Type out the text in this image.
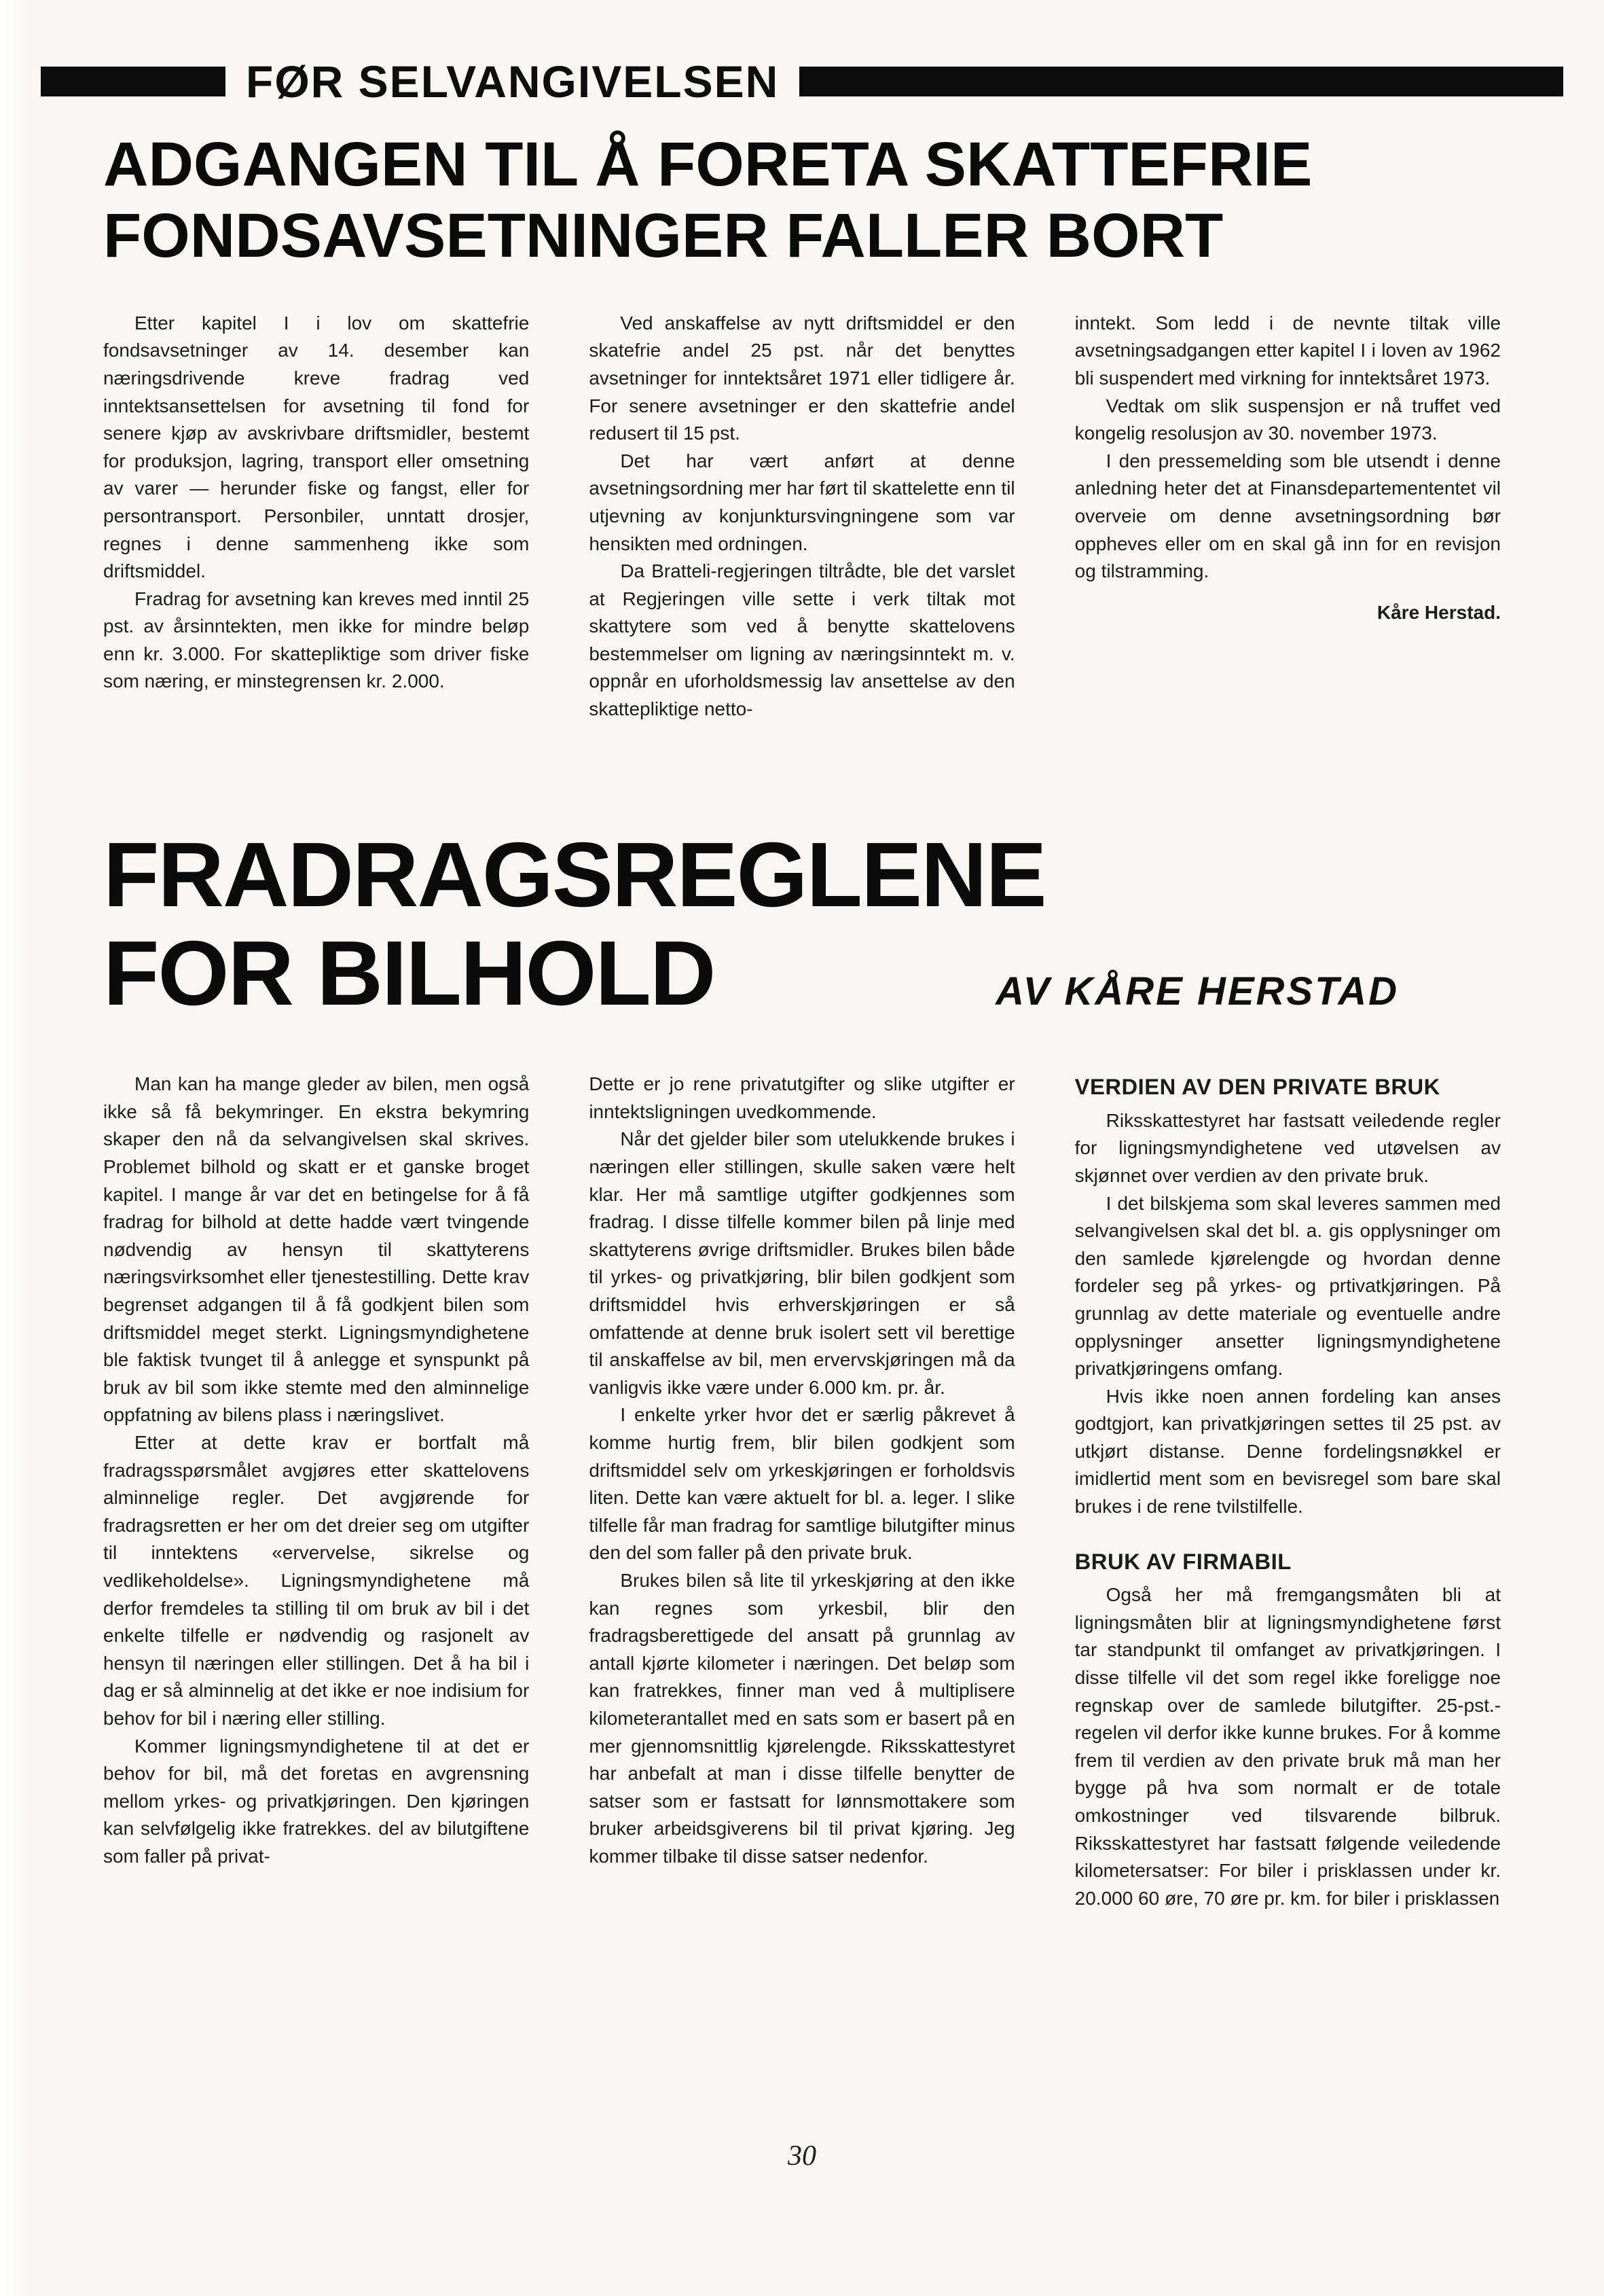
FØR SELVANGIVELSEN
ADGANGEN TIL Å FORETA SKATTEFRIE
FONDSAVSETNINGER FALLER BORT

Etter kapitel I i lov om skattefrie fondsavsetninger av 14. desember kan næringsdrivende kreve fradrag ved inntektsansettelsen for avsetning til fond for senere kjøp av avskrivbare driftsmidler, bestemt for produksjon, lagring, transport eller omsetning av varer — herunder fiske og fangst, eller for persontransport. Personbiler, unntatt drosjer, regnes i denne sammenheng ikke som driftsmiddel.

Fradrag for avsetning kan kreves med inntil 25 pst. av årsinntekten, men ikke for mindre beløp enn kr. 3.000. For skattepliktige som driver fiske som næring, er minstegrensen kr. 2.000.

Ved anskaffelse av nytt driftsmiddel er den skatefrie andel 25 pst. når det benyttes avsetninger for inntektsåret 1971 eller tidligere år. For senere avsetninger er den skattefrie andel redusert til 15 pst.

Det har vært anført at denne avsetningsordning mer har ført til skattelette enn til utjevning av konjunktursvingningene som var hensikten med ordningen.

Da Bratteli-regjeringen tiltrådte, ble det varslet at Regjeringen ville sette i verk tiltak mot skattytere som ved å benytte skattelovens bestemmelser om ligning av næringsinntekt m. v. oppnår en uforholdsmessig lav ansettelse av den skattepliktige netto-

inntekt. Som ledd i de nevnte tiltak ville avsetningsadgangen etter kapitel I i loven av 1962 bli suspendert med virkning for inntektsåret 1973.

Vedtak om slik suspensjon er nå truffet ved kongelig resolusjon av 30. november 1973.

I den pressemelding som ble utsendt i denne anledning heter det at Finansdepartemententet vil overveie om denne avsetningsordning bør oppheves eller om en skal gå inn for en revisjon og tilstramming.

Kåre Herstad.

FRADRAGSREGLENE
FOR BILHOLD	AV KÅRE HERSTAD

Man kan ha mange gleder av bilen, men også ikke så få bekymringer. En ekstra bekymring skaper den nå da selvangivelsen skal skrives. Problemet bilhold og skatt er et ganske broget kapitel. I mange år var det en betingelse for å få fradrag for bilhold at dette hadde vært tvingende nødvendig av hensyn til skattyterens næringsvirksomhet eller tjenestestilling. Dette krav begrenset adgangen til å få godkjent bilen som driftsmiddel meget sterkt. Ligningsmyndighetene ble faktisk tvunget til å anlegge et synspunkt på bruk av bil som ikke stemte med den alminnelige oppfatning av bilens plass i næringslivet.

Etter at dette krav er bortfalt må fradragsspørsmålet avgjøres etter skattelovens alminnelige regler. Det avgjørende for fradragsretten er her om det dreier seg om utgifter til inntektens «ervervelse, sikrelse og vedlikeholdelse». Ligningsmyndighetene må derfor fremdeles ta stilling til om bruk av bil i det enkelte tilfelle er nødvendig og rasjonelt av hensyn til næringen eller stillingen. Det å ha bil i dag er så alminnelig at det ikke er noe indisium for behov for bil i næring eller stilling.

Kommer ligningsmyndighetene til at det er behov for bil, må det foretas en avgrensning mellom yrkes- og privatkjøringen. Den kjøringen kan selvfølgelig ikke fratrekkes. del av bilutgiftene som faller på privat-

Dette er jo rene privatutgifter og slike utgifter er inntektsligningen uvedkommende.

Når det gjelder biler som utelukkende brukes i næringen eller stillingen, skulle saken være helt klar. Her må samtlige utgifter godkjennes som fradrag. I disse tilfelle kommer bilen på linje med skattyterens øvrige driftsmidler. Brukes bilen både til yrkes- og privatkjøring, blir bilen godkjent som driftsmiddel hvis erhverskjøringen er så omfattende at denne bruk isolert sett vil berettige til anskaffelse av bil, men ervervskjøringen må da vanligvis ikke være under 6.000 km. pr. år.

I enkelte yrker hvor det er særlig påkrevet å komme hurtig frem, blir bilen godkjent som driftsmiddel selv om yrkeskjøringen er forholdsvis liten. Dette kan være aktuelt for bl. a. leger. I slike tilfelle får man fradrag for samtlige bilutgifter minus den del som faller på den private bruk.

Brukes bilen så lite til yrkeskjøring at den ikke kan regnes som yrkesbil, blir den fradragsberettigede del ansatt på grunnlag av antall kjørte kilometer i næringen. Det beløp som kan fratrekkes, finner man ved å multiplisere kilometerantallet med en sats som er basert på en mer gjennomsnittlig kjørelengde. Riksskattestyret har anbefalt at man i disse tilfelle benytter de satser som er fastsatt for lønnsmottakere som bruker arbeidsgiverens bil til privat kjøring. Jeg kommer tilbake til disse satser nedenfor.

VERDIEN AV DEN PRIVATE BRUK

Riksskattestyret har fastsatt veiledende regler for ligningsmyndighetene ved utøvelsen av skjønnet over verdien av den private bruk.

I det bilskjema som skal leveres sammen med selvangivelsen skal det bl. a. gis opplysninger om den samlede kjørelengde og hvordan denne fordeler seg på yrkes- og prtivatkjøringen. På grunnlag av dette materiale og eventuelle andre opplysninger ansetter ligningsmyndighetene privatkjøringens omfang.

Hvis ikke noen annen fordeling kan anses godtgjort, kan privatkjøringen settes til 25 pst. av utkjørt distanse. Denne fordelingsnøkkel er imidlertid ment som en bevisregel som bare skal brukes i de rene tvilstilfelle.

BRUK AV FIRMABIL

Også her må fremgangsmåten bli at ligningsmåten blir at ligningsmyndighetene først tar standpunkt til omfanget av privatkjøringen. I disse tilfelle vil det som regel ikke foreligge noe regnskap over de samlede bilutgifter. 25-pst.-regelen vil derfor ikke kunne brukes. For å komme frem til verdien av den private bruk må man her bygge på hva som normalt er de totale omkostninger ved tilsvarende bilbruk. Riksskattestyret har fastsatt følgende veiledende kilometersatser: For biler i prisklassen under kr. 20.000 60 øre, 70 øre pr. km. for biler i prisklassen

30
